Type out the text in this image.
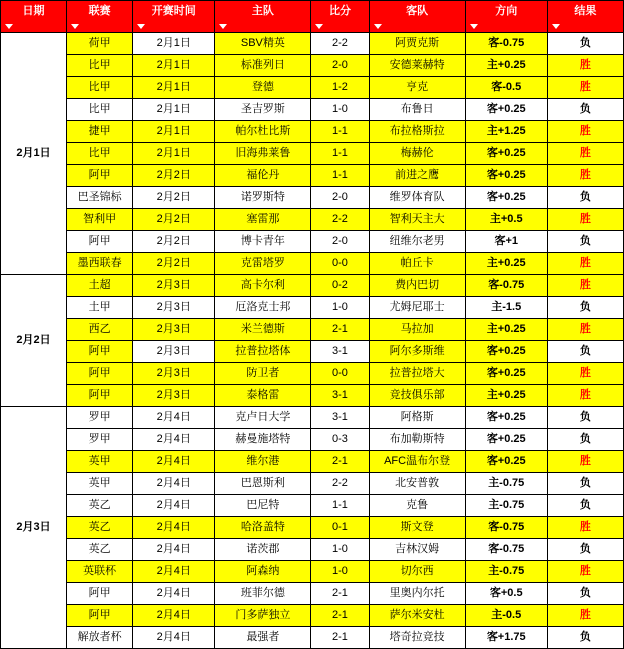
日期	联赛	开赛时间	主队	比分	客队	方向	结果

2月1日	荷甲	2月1日	SBV精英	2-2	阿贾克斯	客-0.75	负
	比甲	2月1日	标准列日	2-0	安德莱赫特	主+0.25	胜
	比甲	2月1日	登德	1-2	亨克	客-0.5	胜
	比甲	2月1日	圣吉罗斯	1-0	布鲁日	客+0.25	负
	捷甲	2月1日	帕尔杜比斯	1-1	布拉格斯拉	主+1.25	胜
	比甲	2月1日	旧海弗莱鲁	1-1	梅赫伦	客+0.25	胜
	阿甲	2月2日	福伦丹	1-1	前进之鹰	客+0.25	胜
	巴圣锦标	2月2日	诺罗斯特	2-0	维罗体育队	客+0.25	负
	智利甲	2月2日	塞雷那	2-2	智利天主大	主+0.5	胜
	阿甲	2月2日	博卡青年	2-0	纽维尔老男	客+1	负
	墨西联春	2月2日	克雷塔罗	0-0	帕丘卡	主+0.25	胜
2月2日	土超	2月3日	高卡尔利	0-2	费内巴切	客-0.75	胜
	土甲	2月3日	厄洛克士邦	1-0	尤姆尼耶士	主-1.5	负
	西乙	2月3日	米兰德斯	2-1	马拉加	主+0.25	胜
	阿甲	2月3日	拉普拉塔体	3-1	阿尔多斯维	客+0.25	负
	阿甲	2月3日	防卫者	0-0	拉普拉塔大	客+0.25	胜
	阿甲	2月3日	泰格雷	3-1	竞技俱乐部	主+0.25	胜
2月3日	罗甲	2月4日	克卢日大学	3-1	阿格斯	客+0.25	负
	罗甲	2月4日	赫曼施塔特	0-3	布加勒斯特	客+0.25	负
	英甲	2月4日	维尔港	2-1	AFC温布尔登	客+0.25	胜
	英甲	2月4日	巴恩斯利	2-2	北安普敦	主-0.75	负
	英乙	2月4日	巴尼特	1-1	克鲁	主-0.75	负
	英乙	2月4日	哈洛盖特	0-1	斯文登	客-0.75	胜
	英乙	2月4日	诺茨郡	1-0	吉林汉姆	客-0.75	负
	英联杯	2月4日	阿森纳	1-0	切尔西	主-0.75	胜
	阿甲	2月4日	班菲尔德	2-1	里奥内尔托	客+0.5	负
	阿甲	2月4日	门多萨独立	2-1	萨尔米安杜	主-0.5	胜
	解放者杯	2月4日	最强者	2-1	塔奇拉竞技	客+1.75	负
